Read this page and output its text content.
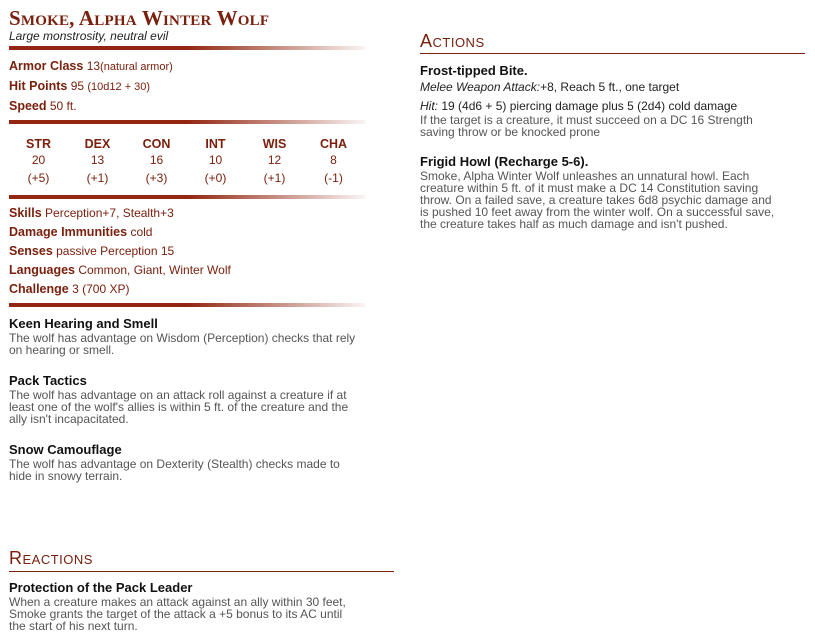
Smoke, Alpha Winter Wolf
Large monstrosity, neutral evil
Armor Class 13(natural armor)
Hit Points 95 (10d12 + 30)
Speed 50 ft.
STR
20
(+5)
DEX
13
(+1)
CON
16
(+3)
INT
10
(+0)
WIS
12
(+1)
CHA
8
(-1)
Skills Perception+7, Stealth+3
Damage Immunities cold
Senses passive Perception 15
Languages Common, Giant, Winter Wolf
Challenge 3 (700 XP)
Keen Hearing and Smell
The wolf has advantage on Wisdom (Perception) checks that rely
on hearing or smell.
Pack Tactics
The wolf has advantage on an attack roll against a creature if at
least one of the wolf's allies is within 5 ft. of the creature and the
ally isn't incapacitated.
Snow Camouflage
The wolf has advantage on Dexterity (Stealth) checks made to
hide in snowy terrain.
Reactions
Protection of the Pack Leader
When a creature makes an attack against an ally within 30 feet,
Smoke grants the target of the attack a +5 bonus to its AC until
the start of his next turn.
Actions
Frost-tipped Bite.
Melee Weapon Attack:+8, Reach 5 ft., one target
Hit: 19 (4d6 + 5) piercing damage plus 5 (2d4) cold damage
If the target is a creature, it must succeed on a DC 16 Strength
saving throw or be knocked prone
Frigid Howl (Recharge 5-6).
Smoke, Alpha Winter Wolf unleashes an unnatural howl. Each
creature within 5 ft. of it must make a DC 14 Constitution saving
throw. On a failed save, a creature takes 6d8 psychic damage and
is pushed 10 feet away from the winter wolf. On a successful save,
the creature takes half as much damage and isn't pushed.
